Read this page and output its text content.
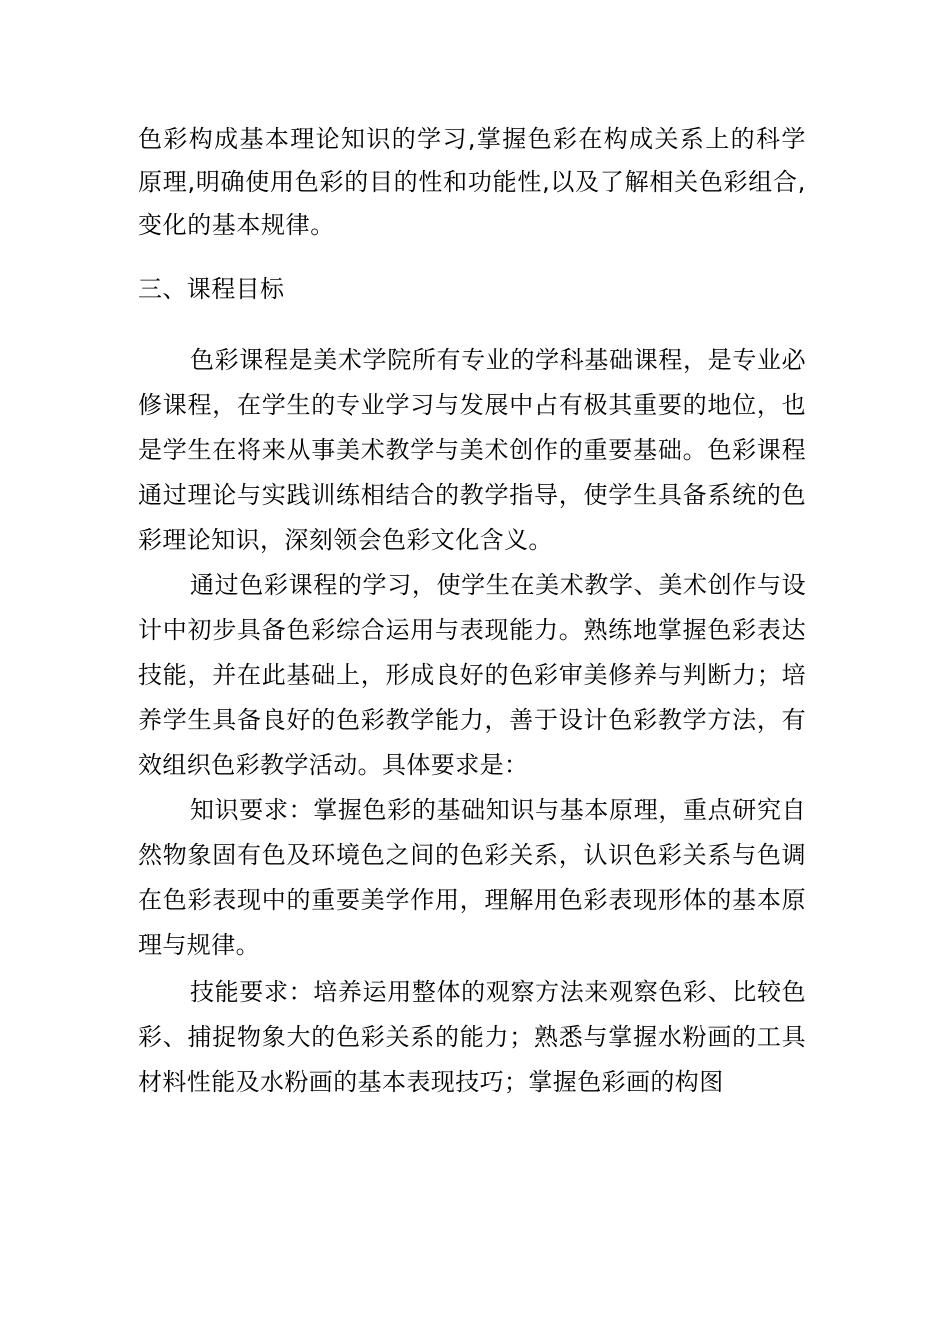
色彩构成基本理论知识的学习,掌握色彩在构成关系上的科学原理,明确使用色彩的目的性和功能性,以及了解相关色彩组合,变化的基本规律。

三、课程目标

色彩课程是美术学院所有专业的学科基础课程，是专业必修课程，在学生的专业学习与发展中占有极其重要的地位，也是学生在将来从事美术教学与美术创作的重要基础。色彩课程通过理论与实践训练相结合的教学指导，使学生具备系统的色彩理论知识，深刻领会色彩文化含义。

通过色彩课程的学习，使学生在美术教学、美术创作与设计中初步具备色彩综合运用与表现能力。熟练地掌握色彩表达技能，并在此基础上，形成良好的色彩审美修养与判断力；培养学生具备良好的色彩教学能力，善于设计色彩教学方法，有效组织色彩教学活动。具体要求是：

知识要求：掌握色彩的基础知识与基本原理，重点研究自然物象固有色及环境色之间的色彩关系，认识色彩关系与色调在色彩表现中的重要美学作用，理解用色彩表现形体的基本原理与规律。

技能要求：培养运用整体的观察方法来观察色彩、比较色彩、捕捉物象大的色彩关系的能力；熟悉与掌握水粉画的工具材料性能及水粉画的基本表现技巧；掌握色彩画的构图
